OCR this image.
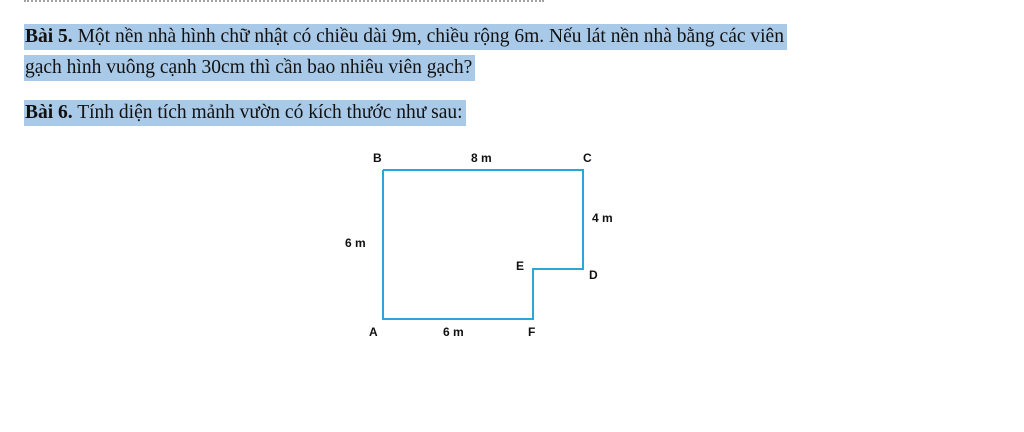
Bài 5. Một nền nhà hình chữ nhật có chiều dài 9m, chiều rộng 6m. Nếu lát nền nhà bằng các viên
gạch hình vuông cạnh 30cm thì cần bao nhiêu viên gạch?
Bài 6. Tính diện tích mảnh vườn có kích thước như sau:
B	C
D
E
F
A
8 m
4 m
6 m
6 m
